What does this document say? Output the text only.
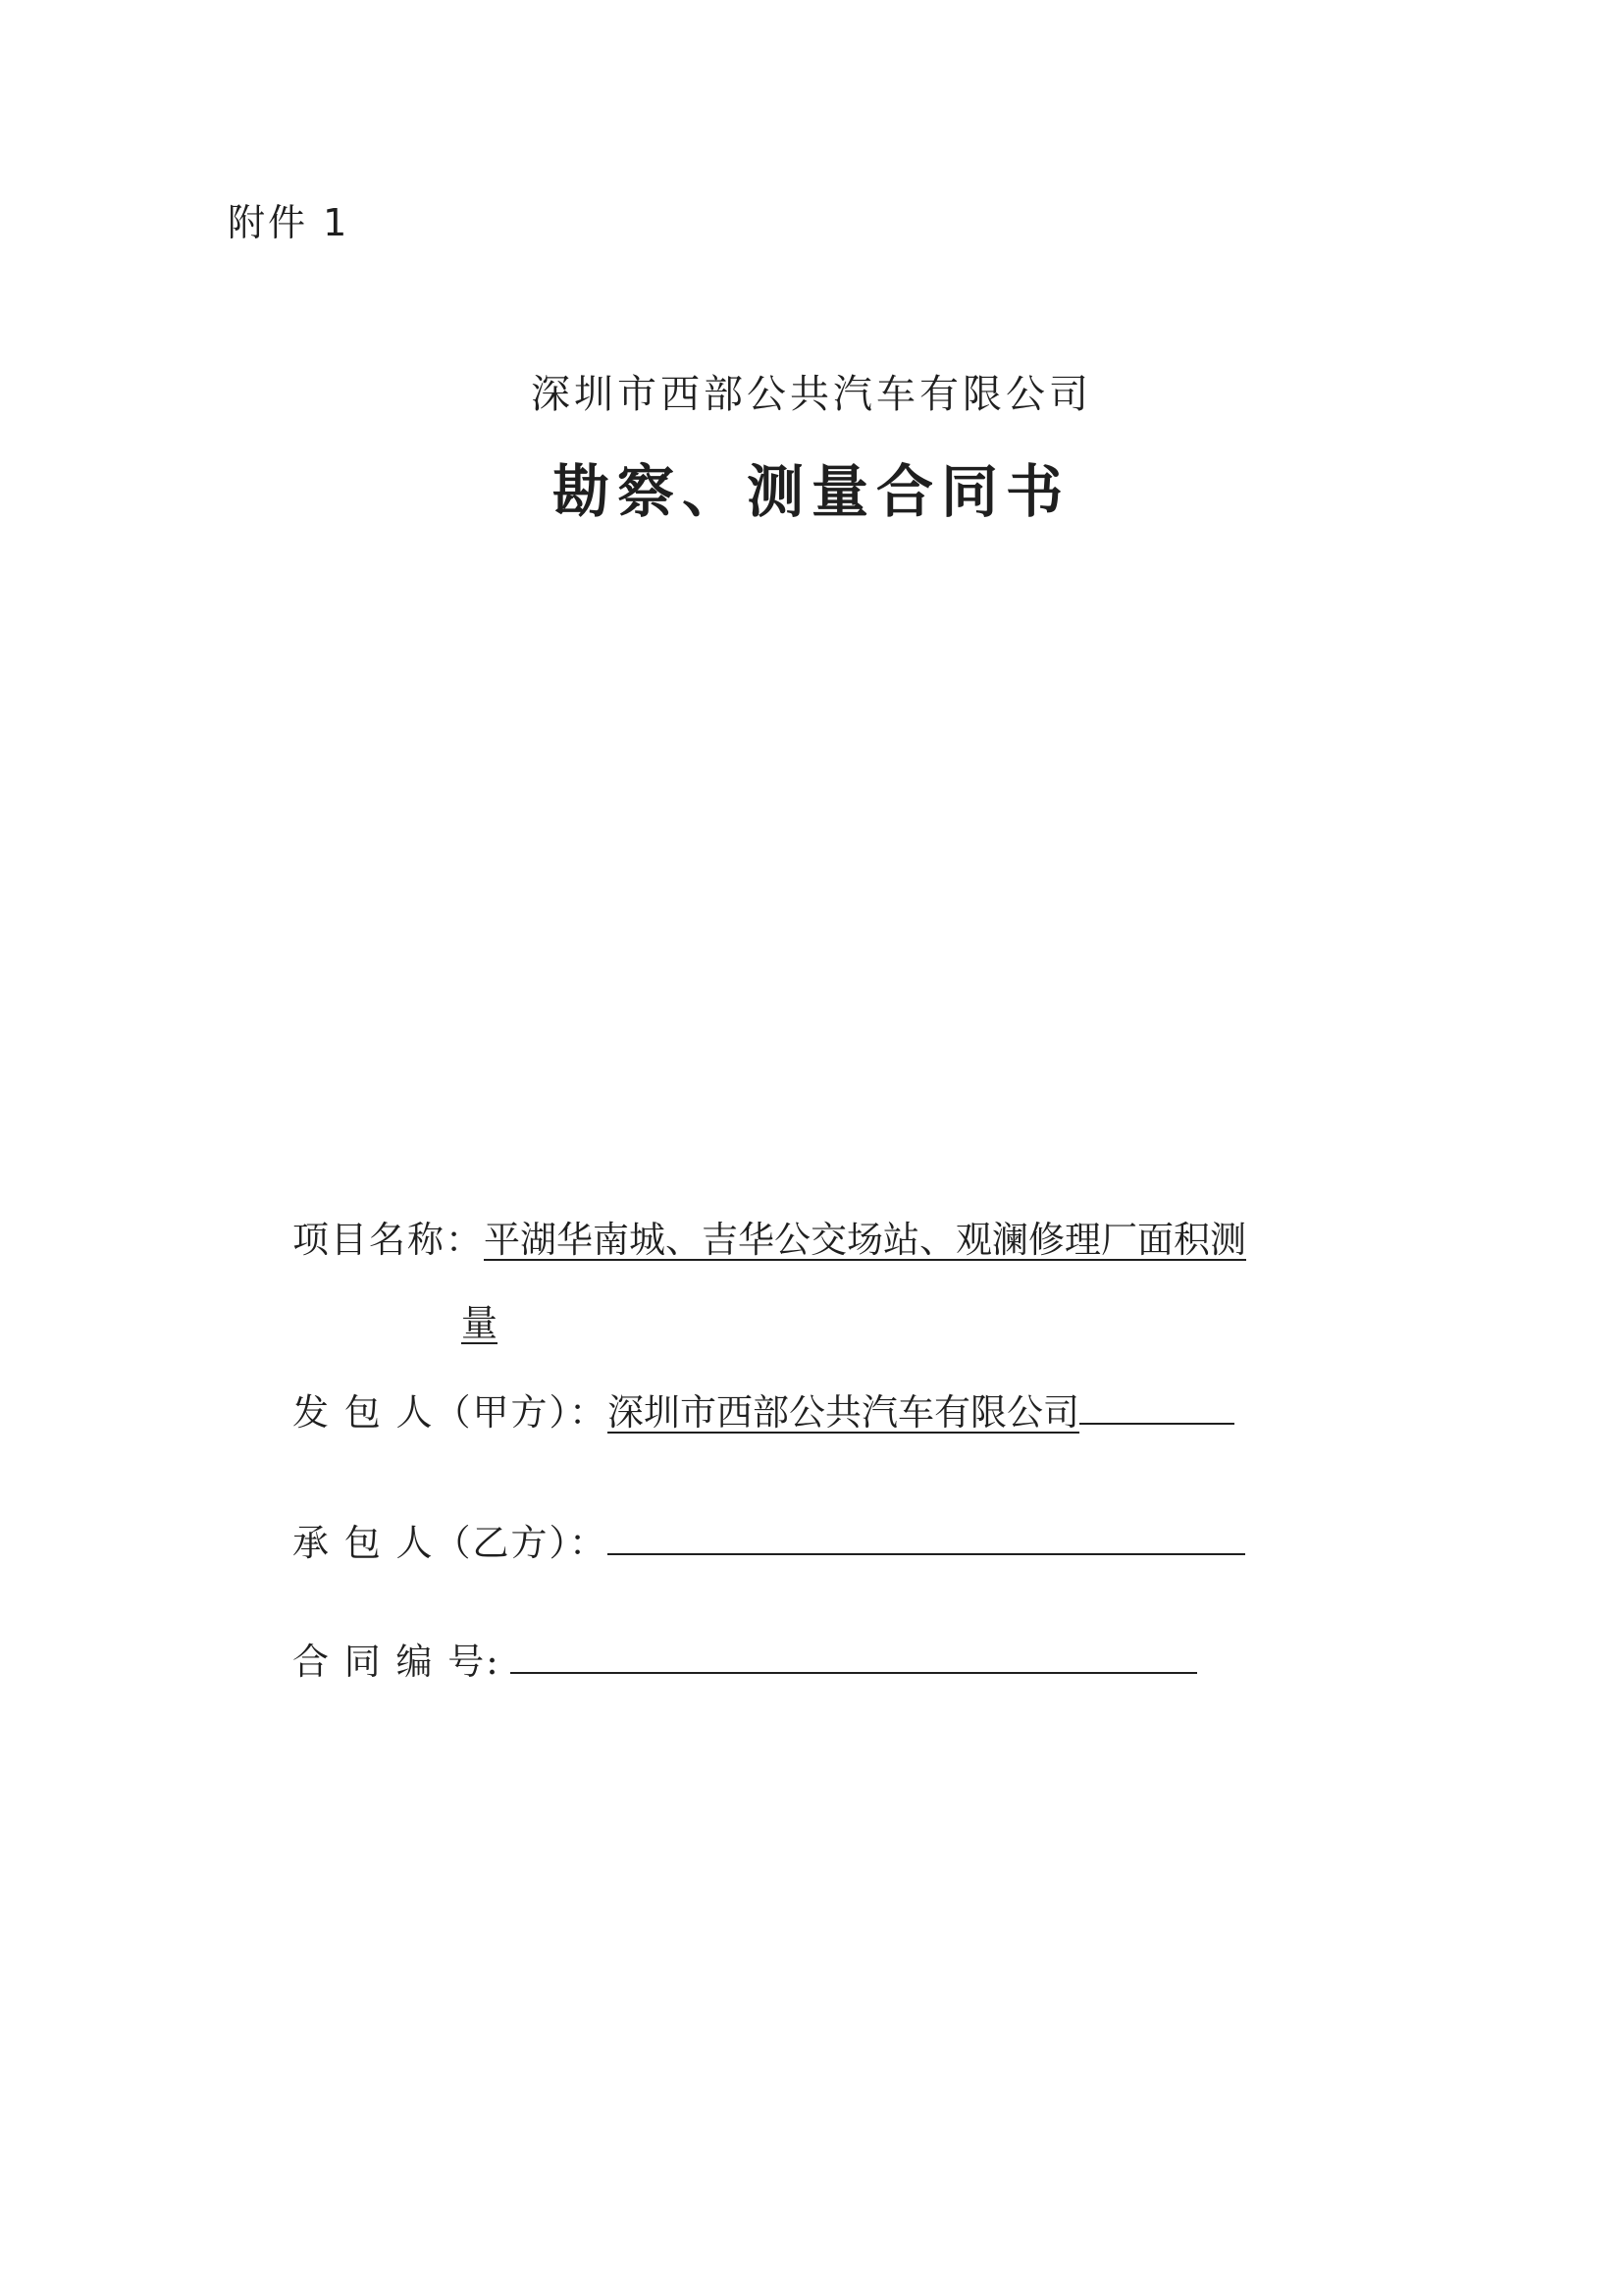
附件 1
深圳市西部公共汽车有限公司
勘察、测量合同书
项目名称：平湖华南城、吉华公交场站、观澜修理厂面积测
量
发 包 人（甲方）：深圳市西部公共汽车有限公司
承 包 人（乙方）：
合 同 编 号:
